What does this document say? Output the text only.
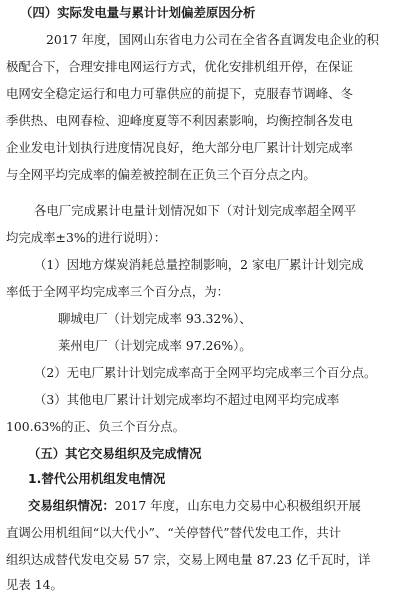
（四）实际发电量与累计计划偏差原因分析
2017 年度，国网山东省电力公司在全省各直调发电企业的积
极配合下，合理安排电网运行方式，优化安排机组开停，在保证
电网安全稳定运行和电力可靠供应的前提下，克服春节调峰、冬
季供热、电网春检、迎峰度夏等不利因素影响，均衡控制各发电
企业发电计划执行进度情况良好，绝大部分电厂累计计划完成率
与全网平均完成率的偏差被控制在正负三个百分点之内。
各电厂完成累计电量计划情况如下（对计划完成率超全网平
均完成率±3%的进行说明）：
（1）因地方煤炭消耗总量控制影响，2 家电厂累计计划完成
率低于全网平均完成率三个百分点，为：
聊城电厂（计划完成率 93.32%）、
莱州电厂（计划完成率 97.26%）。
（2）无电厂累计计划完成率高于全网平均完成率三个百分点。
（3）其他电厂累计计划完成率均不超过电网平均完成率
100.63%的正、负三个百分点。
（五）其它交易组织及完成情况
1.替代公用机组发电情况
交易组织情况：2017 年度，山东电力交易中心积极组织开展
直调公用机组间“以大代小”、“关停替代”替代发电工作，共计
组织达成替代发电交易 57 宗，交易上网电量 87.23 亿千瓦时，详
见表 14。
